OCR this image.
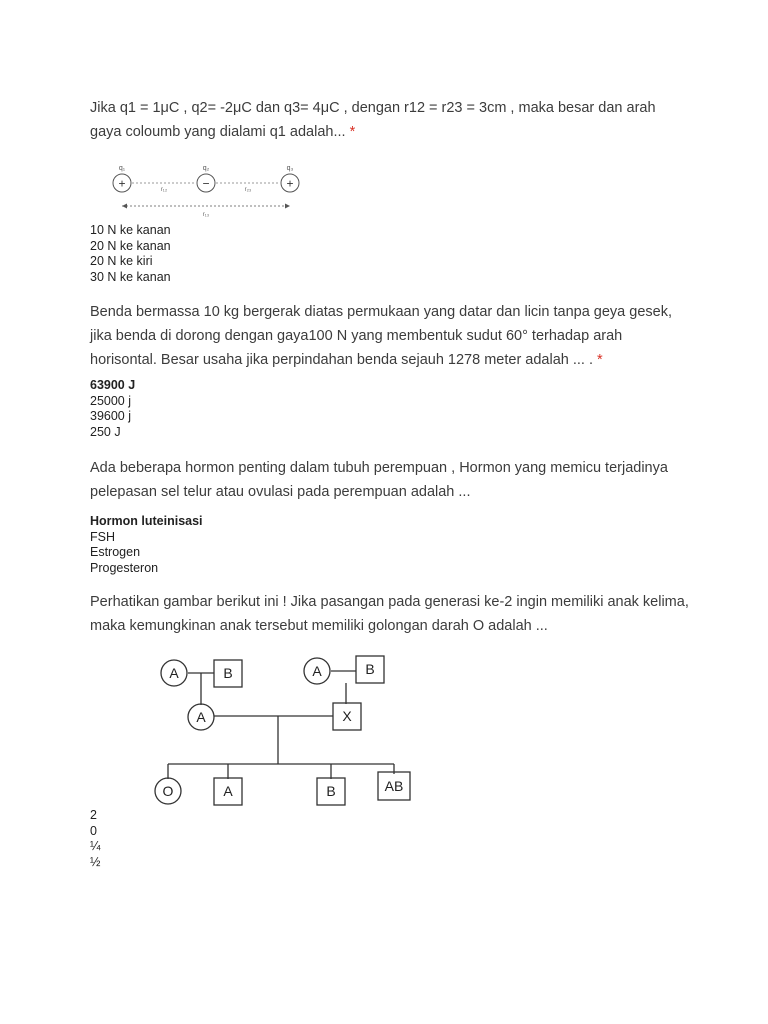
Jika q1 = 1μC , q2= -2μC dan q3= 4μC , dengan r12 = r23 = 3cm , maka besar dan arah gaya coloumb yang dialami q1 adalah... *
q₁	q₂	q₃
+	−	+
r₁₂	r₂₃
r₁₃
10 N ke kanan
20 N ke kanan
20 N ke kiri
30 N ke kanan
Benda bermassa 10 kg bergerak diatas permukaan yang datar dan licin tanpa geya gesek, jika benda di dorong dengan gaya100 N yang membentuk sudut 60° terhadap arah horisontal. Besar usaha jika perpindahan benda sejauh 1278 meter adalah ... . *
63900 J
25000 j
39600 j
250 J
Ada beberapa hormon penting dalam tubuh perempuan , Hormon yang memicu terjadinya pelepasan sel telur atau ovulasi pada perempuan adalah ...
Hormon luteinisasi
FSH
Estrogen
Progesteron
Perhatikan gambar berikut ini ! Jika pasangan pada generasi ke-2 ingin memiliki anak kelima, maka kemungkinan anak tersebut memiliki golongan darah O adalah ...
A	B	A	B
A	X
O	A	B	AB
2
0
¼
½
